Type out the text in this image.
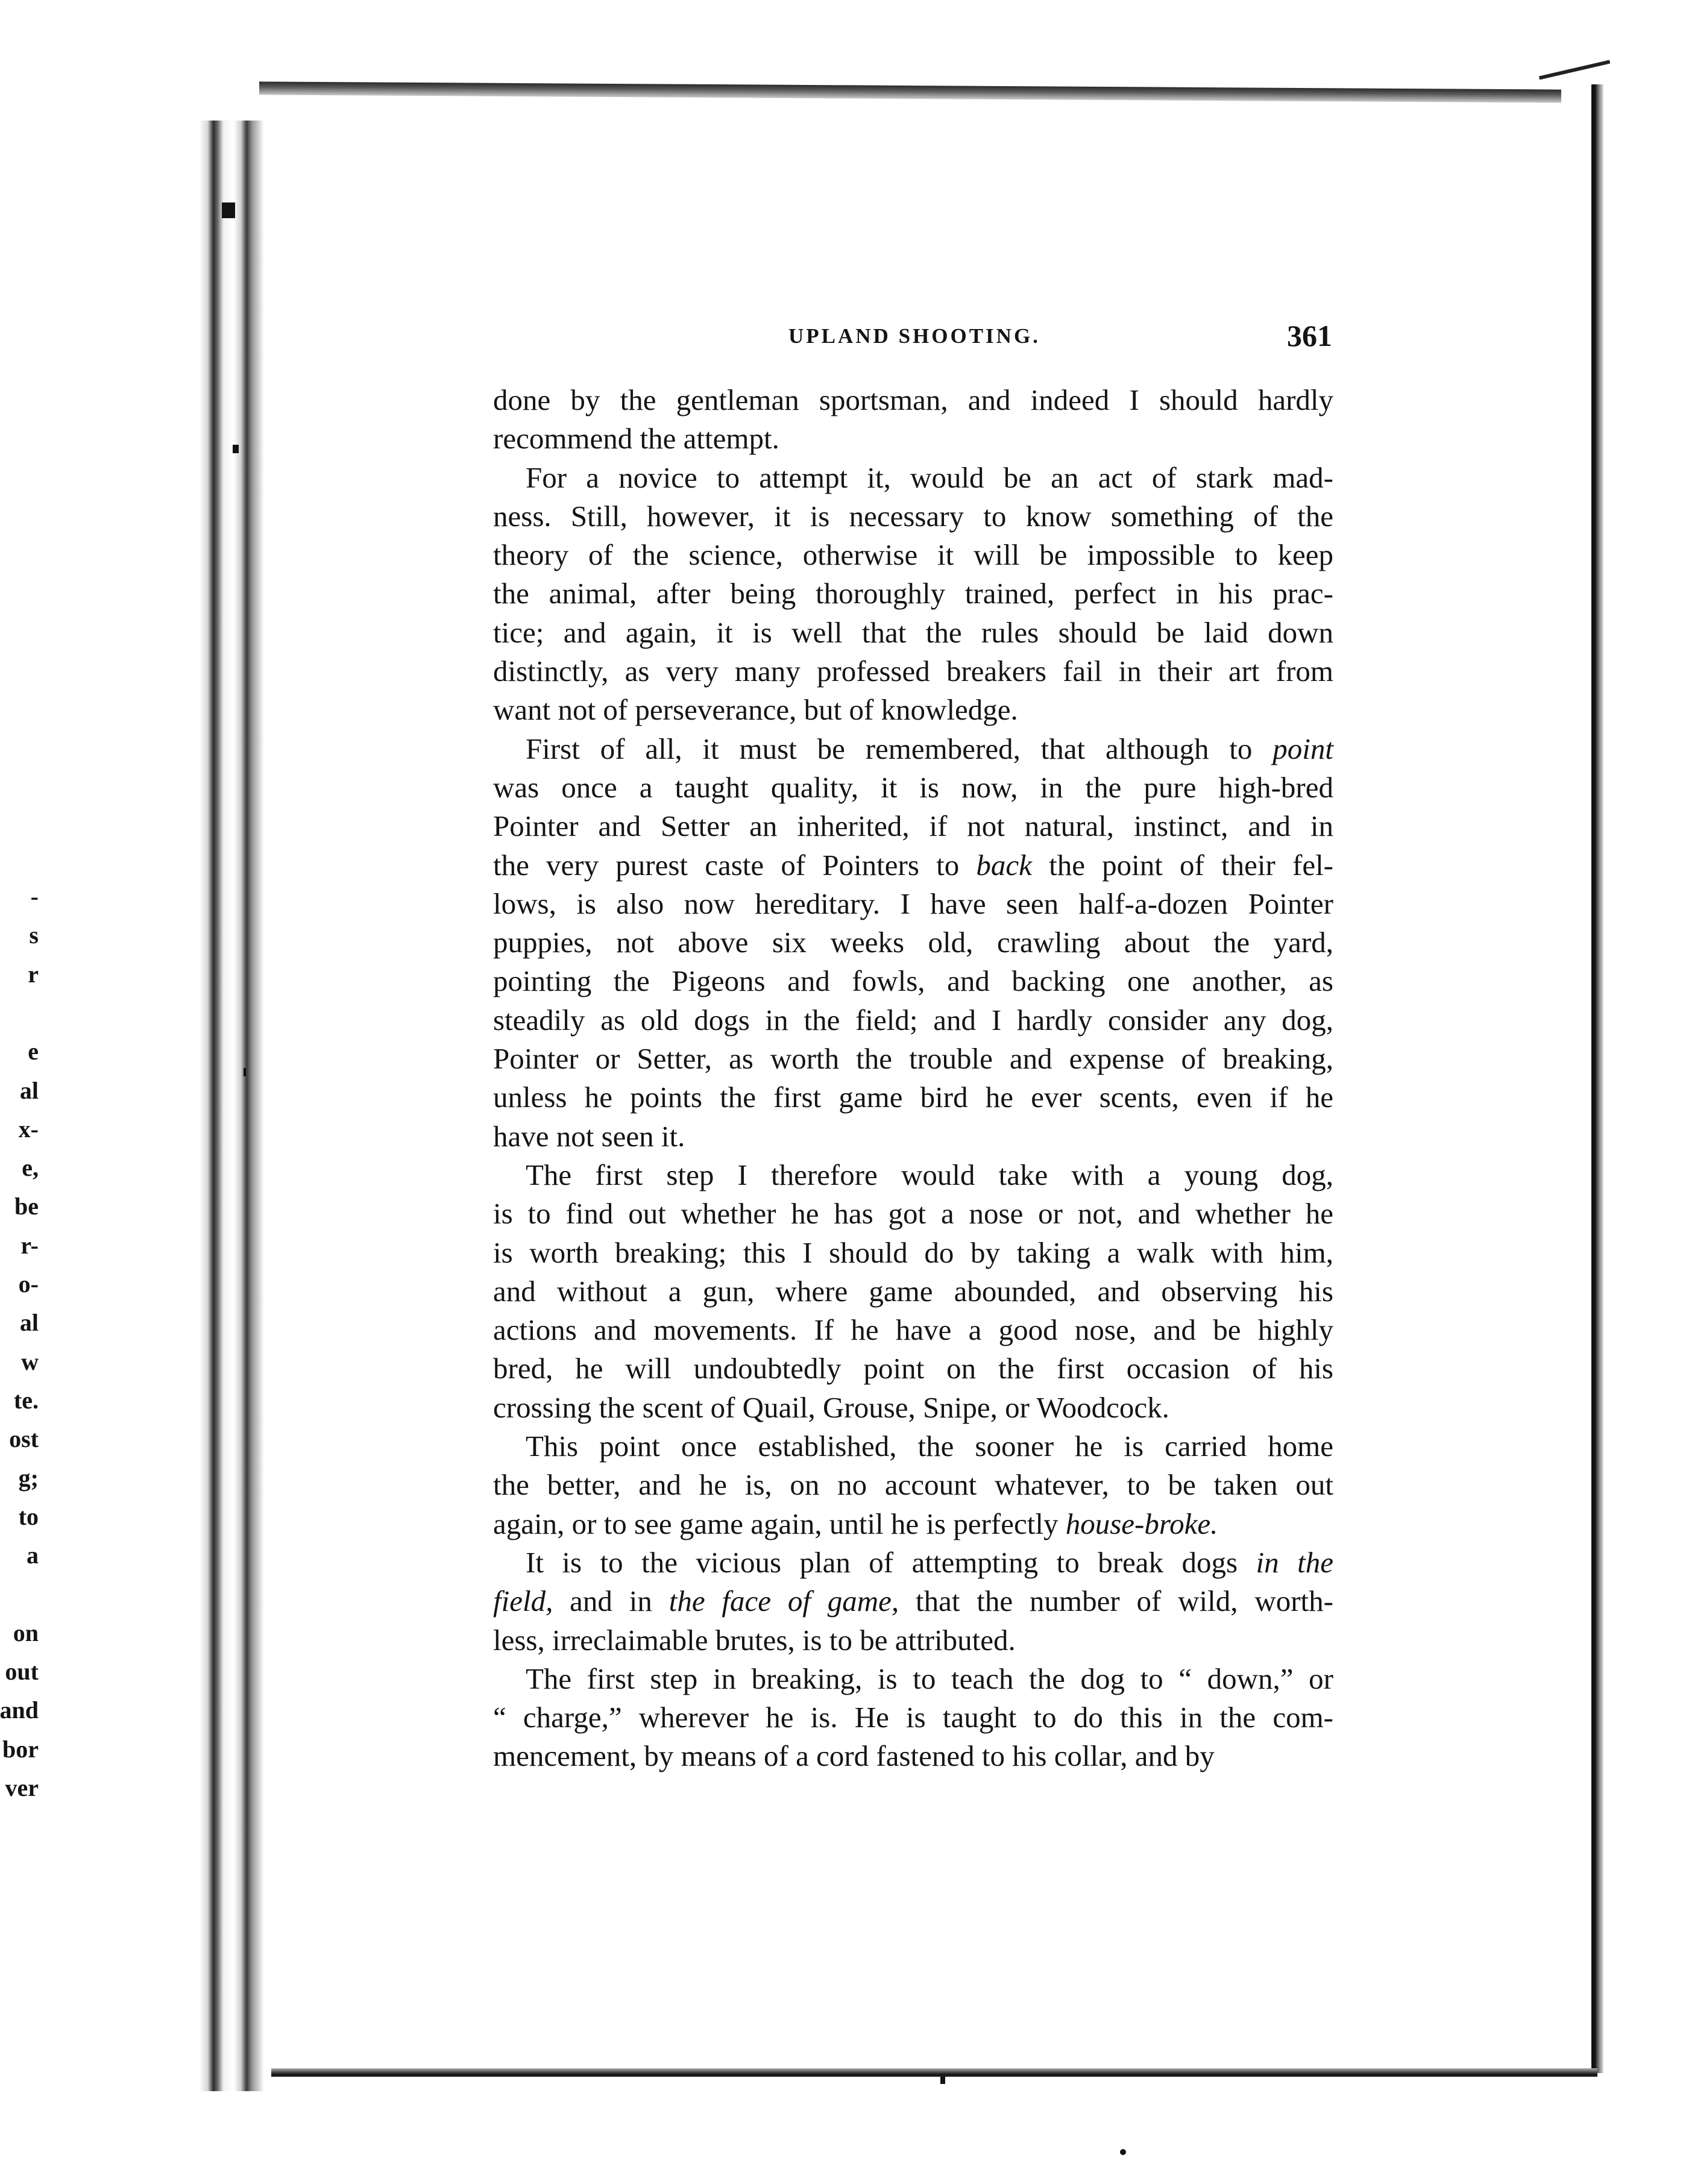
‑
s
r
e
al
x-
e,
be
r-
o-
al
w
te.
ost
g;
to
a
on
out
and
bor
ver
UPLAND SHOOTING.	361
done by the gentleman sportsman, and indeed I should hardly
recommend the attempt.
For a novice to attempt it, would be an act of stark mad-
ness. Still, however, it is necessary to know something of the
theory of the science, otherwise it will be impossible to keep
the animal, after being thoroughly trained, perfect in his prac-
tice; and again, it is well that the rules should be laid down
distinctly, as very many professed breakers fail in their art from
want not of perseverance, but of knowledge.
First of all, it must be remembered, that although to point
was once a taught quality, it is now, in the pure high-bred
Pointer and Setter an inherited, if not natural, instinct, and in
the very purest caste of Pointers to back the point of their fel-
lows, is also now hereditary. I have seen half-a-dozen Pointer
puppies, not above six weeks old, crawling about the yard,
pointing the Pigeons and fowls, and backing one another, as
steadily as old dogs in the field; and I hardly consider any dog,
Pointer or Setter, as worth the trouble and expense of breaking,
unless he points the first game bird he ever scents, even if he
have not seen it.
The first step I therefore would take with a young dog,
is to find out whether he has got a nose or not, and whether he
is worth breaking; this I should do by taking a walk with him,
and without a gun, where game abounded, and observing his
actions and movements. If he have a good nose, and be highly
bred, he will undoubtedly point on the first occasion of his
crossing the scent of Quail, Grouse, Snipe, or Woodcock.
This point once established, the sooner he is carried home
the better, and he is, on no account whatever, to be taken out
again, or to see game again, until he is perfectly house-broke.
It is to the vicious plan of attempting to break dogs in the
field, and in the face of game, that the number of wild, worth-
less, irreclaimable brutes, is to be attributed.
The first step in breaking, is to teach the dog to “ down,” or
“ charge,” wherever he is. He is taught to do this in the com-
mencement, by means of a cord fastened to his collar, and by
